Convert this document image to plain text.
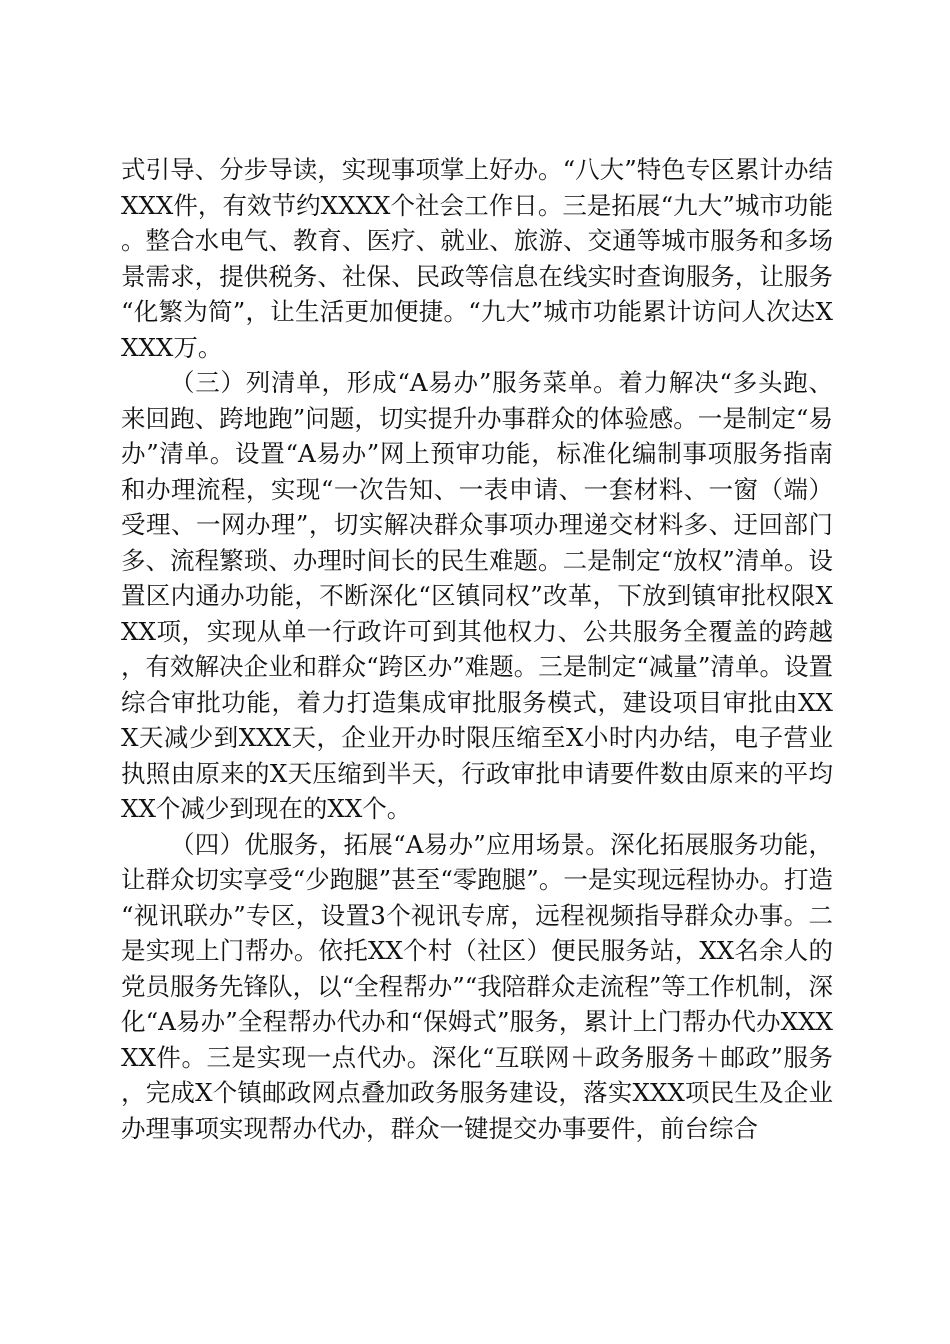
式引导、分步导读，实现事项掌上好办。“八大”特色专区累计办结XXX件，有效节约XXXX个社会工作日。三是拓展“九大”城市功能。整合水电气、教育、医疗、就业、旅游、交通等城市服务和多场景需求，提供税务、社保、民政等信息在线实时查询服务，让服务“化繁为简”，让生活更加便捷。“九大”城市功能累计访问人次达XXXX万。

（三）列清单，形成“A易办”服务菜单。着力解决“多头跑、来回跑、跨地跑”问题，切实提升办事群众的体验感。一是制定“易办”清单。设置“A易办”网上预审功能，标准化编制事项服务指南和办理流程，实现“一次告知、一表申请、一套材料、一窗（端）受理、一网办理”，切实解决群众事项办理递交材料多、迂回部门多、流程繁琐、办理时间长的民生难题。二是制定“放权”清单。设置区内通办功能，不断深化“区镇同权”改革，下放到镇审批权限XXX项，实现从单一行政许可到其他权力、公共服务全覆盖的跨越，有效解决企业和群众“跨区办”难题。三是制定“减量”清单。设置综合审批功能，着力打造集成审批服务模式，建设项目审批由XXX天减少到XXX天，企业开办时限压缩至X小时内办结，电子营业执照由原来的X天压缩到半天，行政审批申请要件数由原来的平均XX个减少到现在的XX个。

（四）优服务，拓展“A易办”应用场景。深化拓展服务功能，让群众切实享受“少跑腿”甚至“零跑腿”。一是实现远程协办。打造“视讯联办”专区，设置3个视讯专席，远程视频指导群众办事。二是实现上门帮办。依托XX个村（社区）便民服务站，XX名余人的党员服务先锋队，以“全程帮办”“我陪群众走流程”等工作机制，深化“A易办”全程帮办代办和“保姆式”服务，累计上门帮办代办XXXXX件。三是实现一点代办。深化“互联网＋政务服务＋邮政”服务，完成X个镇邮政网点叠加政务服务建设，落实XXX项民生及企业办理事项实现帮办代办，群众一键提交办事要件，前台综合
